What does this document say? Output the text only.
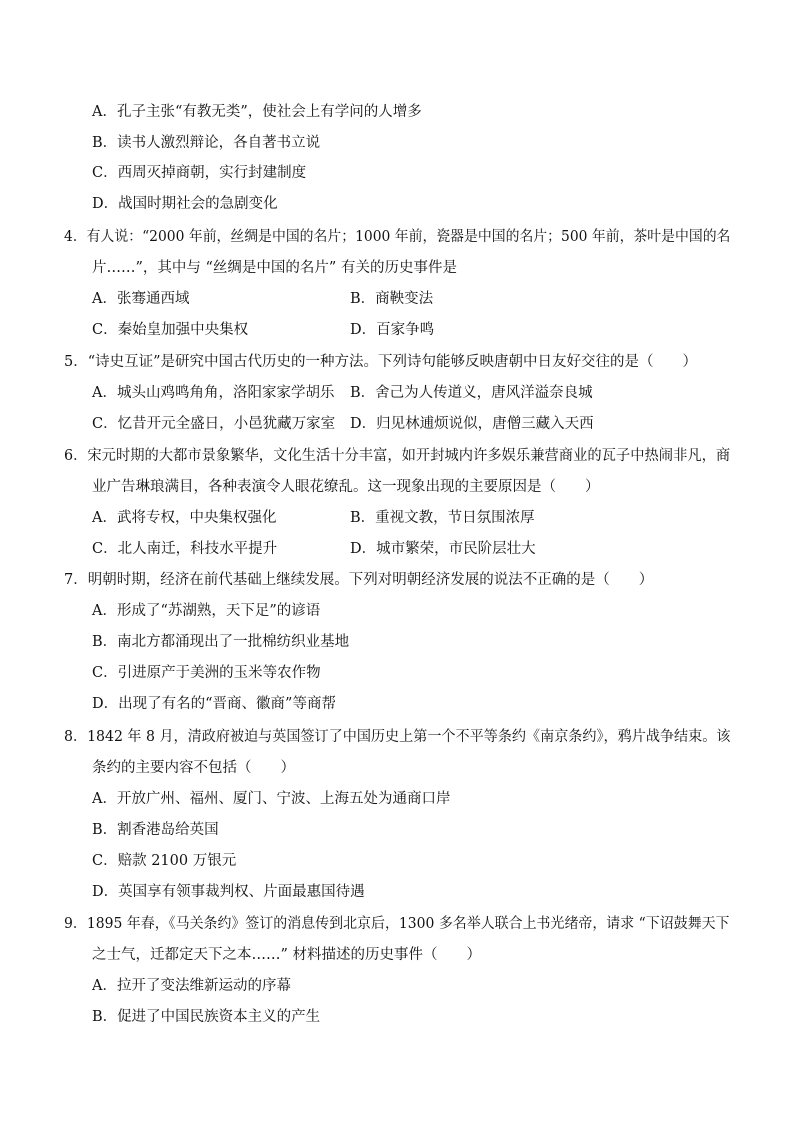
A．孔子主张“有教无类”，使社会上有学问的人增多
B．读书人激烈辩论，各自著书立说
C．西周灭掉商朝，实行封建制度
D．战国时期社会的急剧变化
4．有人说：“2000 年前，丝绸是中国的名片；1000 年前，瓷器是中国的名片；500 年前，茶叶是中国的名
片……”，其中与 “丝绸是中国的名片” 有关的历史事件是
A．张骞通西域	B．商鞅变法
C．秦始皇加强中央集权	D．百家争鸣
5．“诗史互证”是研究中国古代历史的一种方法。下列诗句能够反映唐朝中日友好交往的是（　　）
A．城头山鸡鸣角角，洛阳家家学胡乐 B．舍己为人传道义，唐风洋溢奈良城
C．忆昔开元全盛日，小邑犹藏万家室 D．归见林逋烦说似，唐僧三藏入天西
6．宋元时期的大都市景象繁华，文化生活十分丰富，如开封城内许多娱乐兼营商业的瓦子中热闹非凡，商
业广告琳琅满目，各种表演令人眼花缭乱。这一现象出现的主要原因是（　　）
A．武将专权，中央集权强化	B．重视文教，节日氛围浓厚
C．北人南迁，科技水平提升	D．城市繁荣，市民阶层壮大
7．明朝时期，经济在前代基础上继续发展。下列对明朝经济发展的说法不正确的是（　　）
A．形成了“苏湖熟，天下足”的谚语
B．南北方都涌现出了一批棉纺织业基地
C．引进原产于美洲的玉米等农作物
D．出现了有名的“晋商、徽商”等商帮
8．1842 年 8 月，清政府被迫与英国签订了中国历史上第一个不平等条约《南京条约》，鸦片战争结束。该
条约的主要内容不包括（　　）
A．开放广州、福州、厦门、宁波、上海五处为通商口岸
B．割香港岛给英国
C．赔款 2100 万银元
D．英国享有领事裁判权、片面最惠国待遇
9．1895 年春，《马关条约》签订的消息传到北京后，1300 多名举人联合上书光绪帝，请求 “下诏鼓舞天下
之士气，迁都定天下之本……” 材料描述的历史事件（　　）
A．拉开了变法维新运动的序幕
B．促进了中国民族资本主义的产生
